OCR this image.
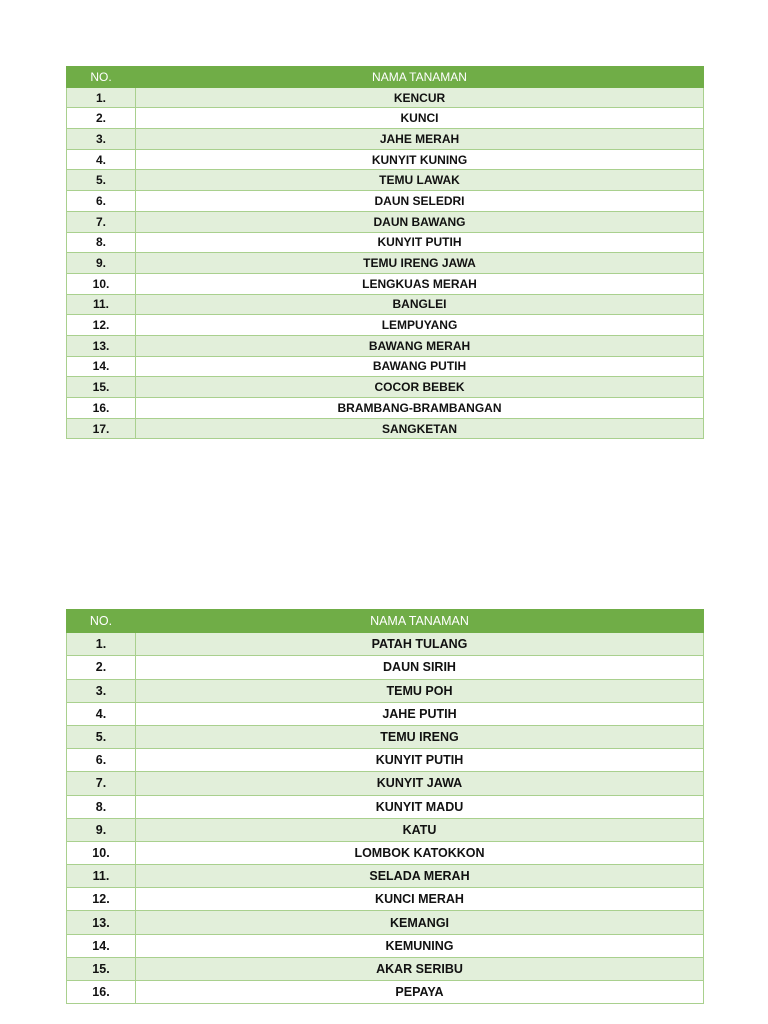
NO.	NAMA TANAMAN
1.	KENCUR
2.	KUNCI
3.	JAHE MERAH
4.	KUNYIT KUNING
5.	TEMU LAWAK
6.	DAUN SELEDRI
7.	DAUN BAWANG
8.	KUNYIT PUTIH
9.	TEMU IRENG JAWA
10.	LENGKUAS MERAH
11.	BANGLEI
12.	LEMPUYANG
13.	BAWANG MERAH
14.	BAWANG PUTIH
15.	COCOR BEBEK
16.	BRAMBANG-BRAMBANGAN
17.	SANGKETAN
NO.	NAMA TANAMAN
1.	PATAH TULANG
2.	DAUN SIRIH
3.	TEMU POH
4.	JAHE PUTIH
5.	TEMU IRENG
6.	KUNYIT PUTIH
7.	KUNYIT JAWA
8.	KUNYIT MADU
9.	KATU
10.	LOMBOK KATOKKON
11.	SELADA MERAH
12.	KUNCI MERAH
13.	KEMANGI
14.	KEMUNING
15.	AKAR SERIBU
16.	PEPAYA
